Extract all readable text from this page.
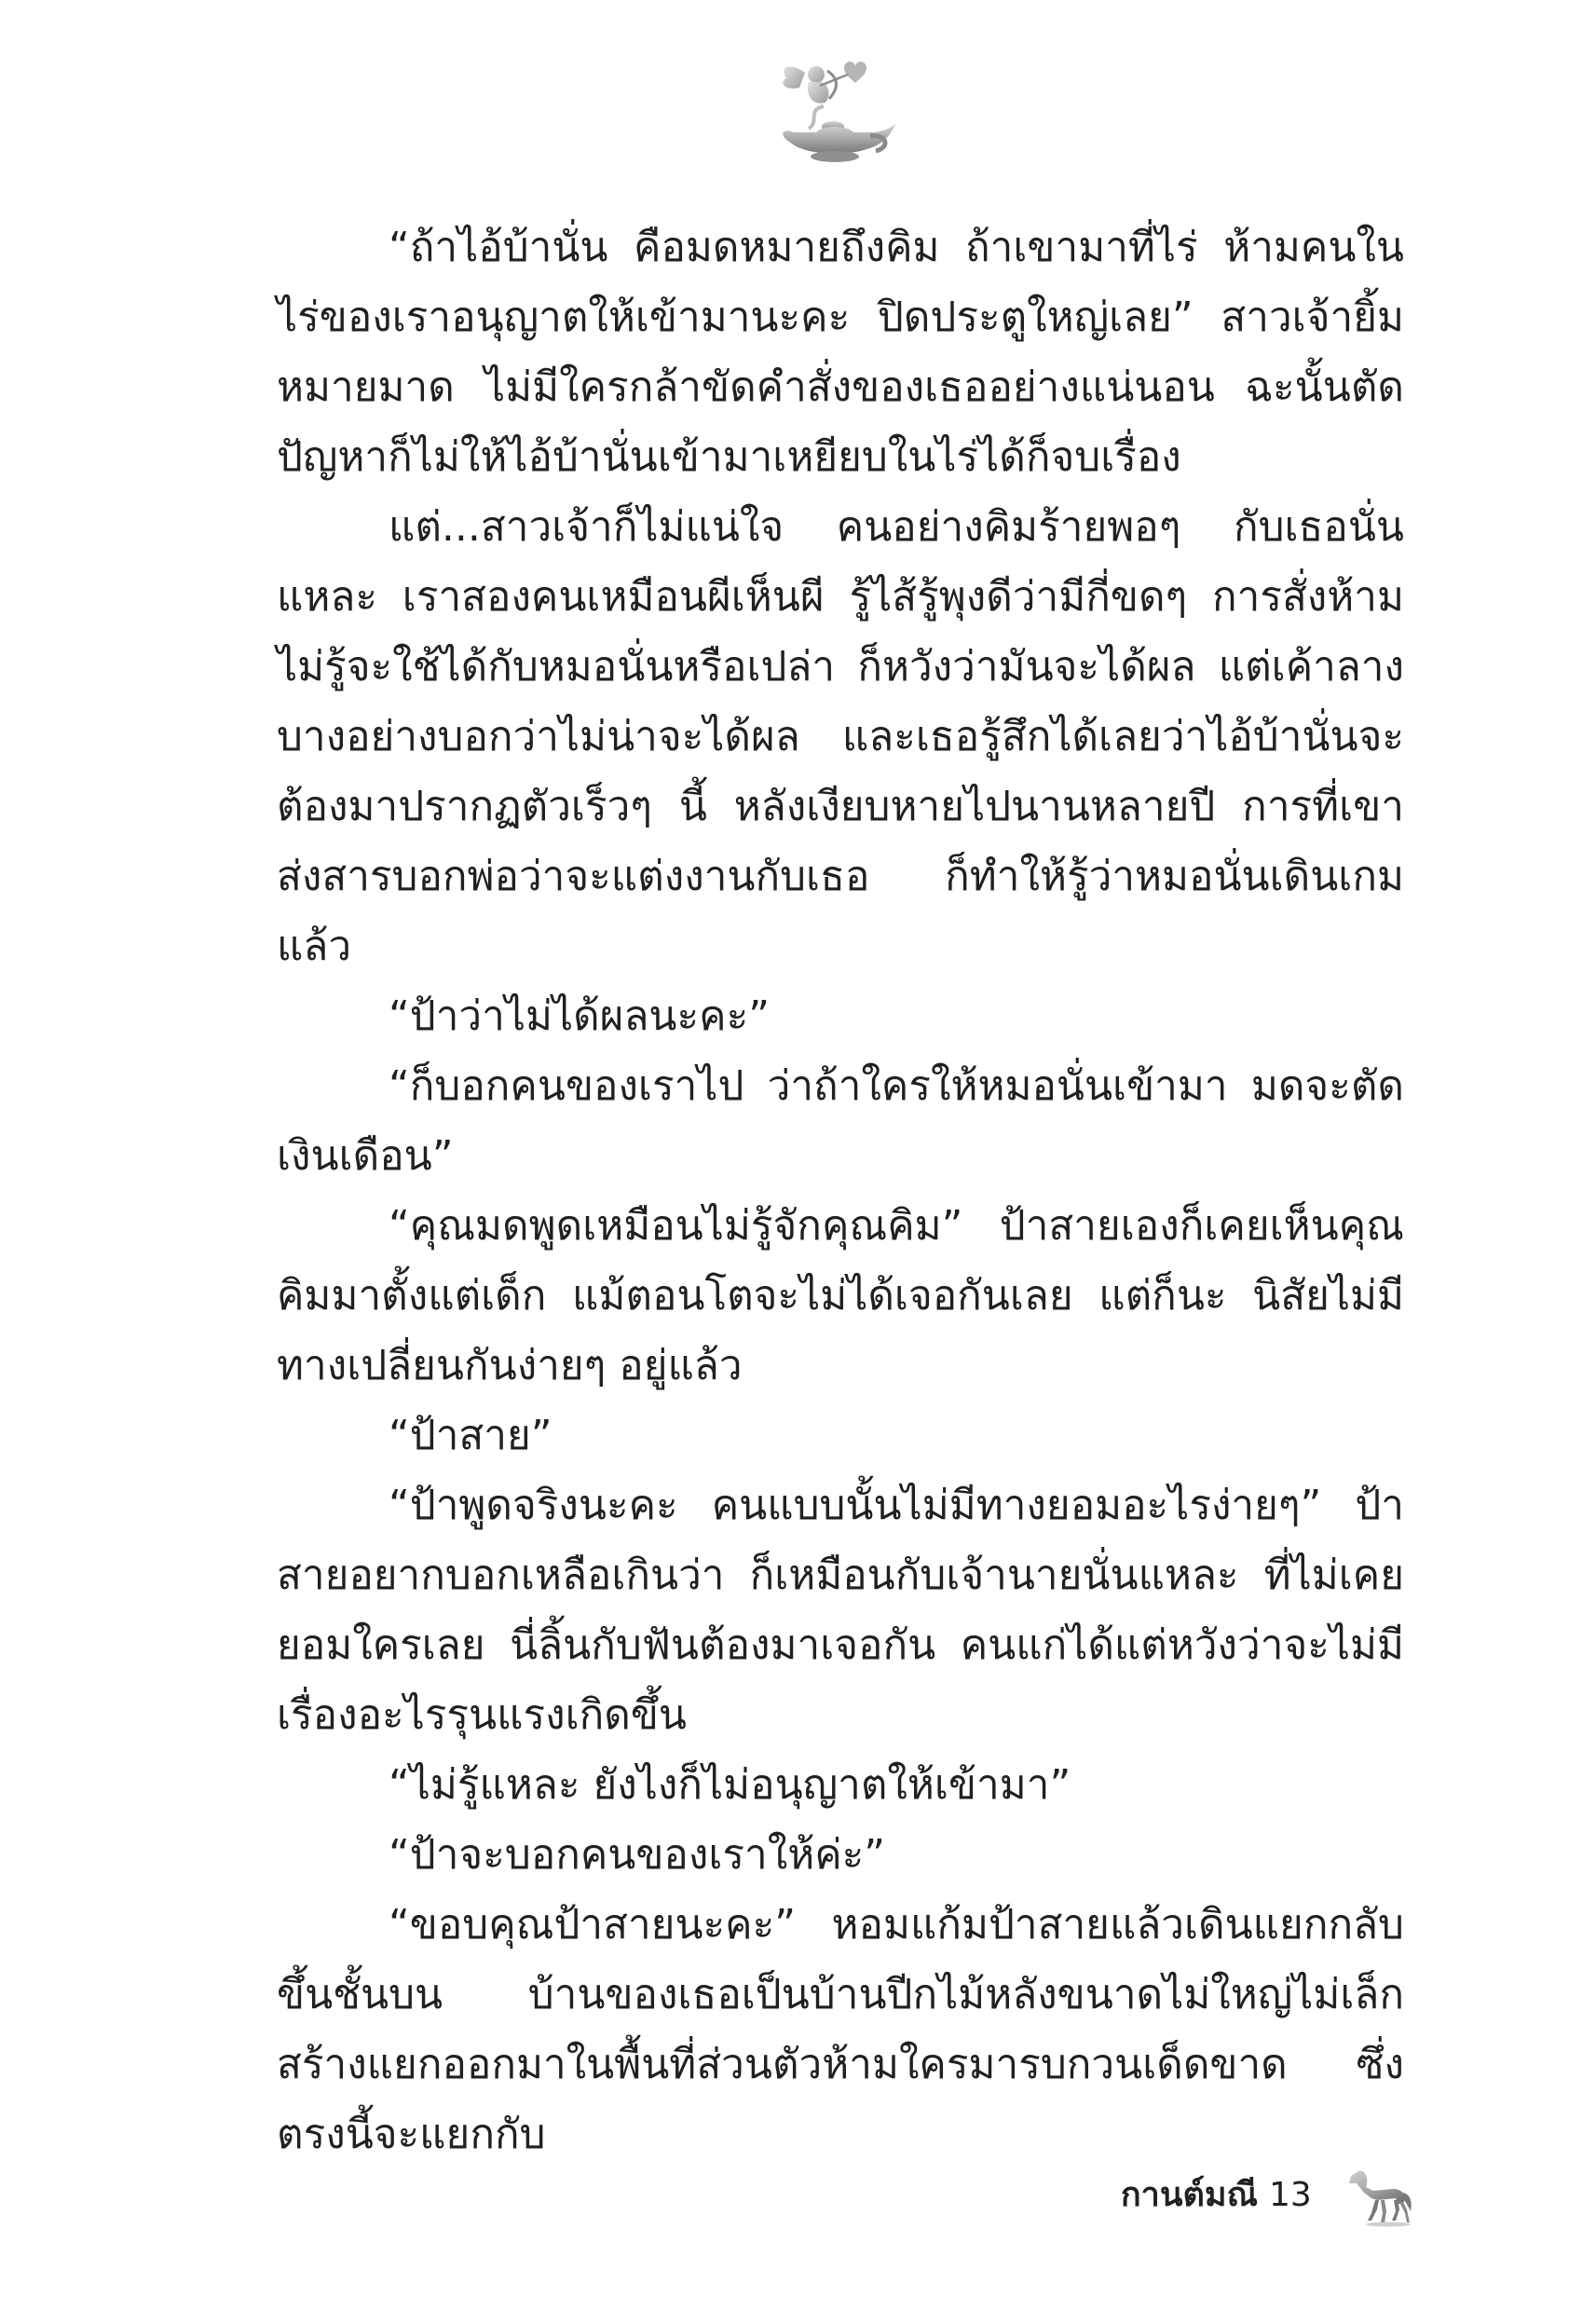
“ถ้าไอ้บ้านั่น คือมดหมายถึงคิม ถ้าเขามาที่ไร่ ห้ามคนในไร่ของเราอนุญาตให้เข้ามานะคะ ปิดประตูใหญ่เลย” สาวเจ้ายิ้มหมายมาด ไม่มีใครกล้าขัดคำสั่งของเธออย่างแน่นอน ฉะนั้นตัดปัญหาก็ไม่ให้ไอ้บ้านั่นเข้ามาเหยียบในไร่ได้ก็จบเรื่อง

แต่...สาวเจ้าก็ไม่แน่ใจ คนอย่างคิมร้ายพอๆ กับเธอนั่นแหละ เราสองคนเหมือนผีเห็นผี รู้ไส้รู้พุงดีว่ามีกี่ขดๆ การสั่งห้ามไม่รู้จะใช้ได้กับหมอนั่นหรือเปล่า ก็หวังว่ามันจะได้ผล แต่เค้าลางบางอย่างบอกว่าไม่น่าจะได้ผล และเธอรู้สึกได้เลยว่าไอ้บ้านั่นจะต้องมาปรากฏตัวเร็วๆ นี้ หลังเงียบหายไปนานหลายปี การที่เขาส่งสารบอกพ่อว่าจะแต่งงานกับเธอ ก็ทำให้รู้ว่าหมอนั่นเดินเกมแล้ว

“ป้าว่าไม่ได้ผลนะคะ”

“ก็บอกคนของเราไป ว่าถ้าใครให้หมอนั่นเข้ามา มดจะตัดเงินเดือน”

“คุณมดพูดเหมือนไม่รู้จักคุณคิม” ป้าสายเองก็เคยเห็นคุณคิมมาตั้งแต่เด็ก แม้ตอนโตจะไม่ได้เจอกันเลย แต่ก็นะ นิสัยไม่มีทางเปลี่ยนกันง่ายๆ อยู่แล้ว

“ป้าสาย”

“ป้าพูดจริงนะคะ คนแบบนั้นไม่มีทางยอมอะไรง่ายๆ” ป้าสายอยากบอกเหลือเกินว่า ก็เหมือนกับเจ้านายนั่นแหละ ที่ไม่เคยยอมใครเลย นี่ลิ้นกับฟันต้องมาเจอกัน คนแก่ได้แต่หวังว่าจะไม่มีเรื่องอะไรรุนแรงเกิดขึ้น

“ไม่รู้แหละ ยังไงก็ไม่อนุญาตให้เข้ามา”

“ป้าจะบอกคนของเราให้ค่ะ”

“ขอบคุณป้าสายนะคะ” หอมแก้มป้าสายแล้วเดินแยกกลับขึ้นชั้นบน บ้านของเธอเป็นบ้านปีกไม้หลังขนาดไม่ใหญ่ไม่เล็ก สร้างแยกออกมาในพื้นที่ส่วนตัวห้ามใครมารบกวนเด็ดขาด ซึ่งตรงนี้จะแยกกับ

กานต์มณี 13
